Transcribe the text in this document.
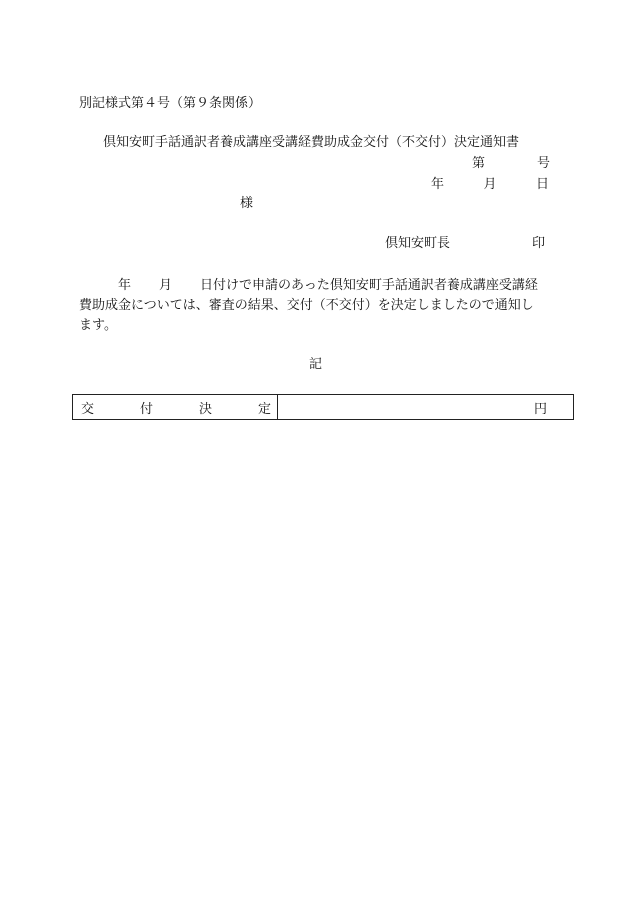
別記様式第４号（第９条関係）
倶知安町手話通訳者養成講座受講経費助成金交付（不交付）決定通知書
第	号
年	月	日
様
倶知安町長	印
年 月 日付けで申請のあった倶知安町手話通訳者養成講座受講経
費助成金については、審査の結果、交付（不交付）を決定しましたので通知し
ます。
記
交	付	決	定	円
